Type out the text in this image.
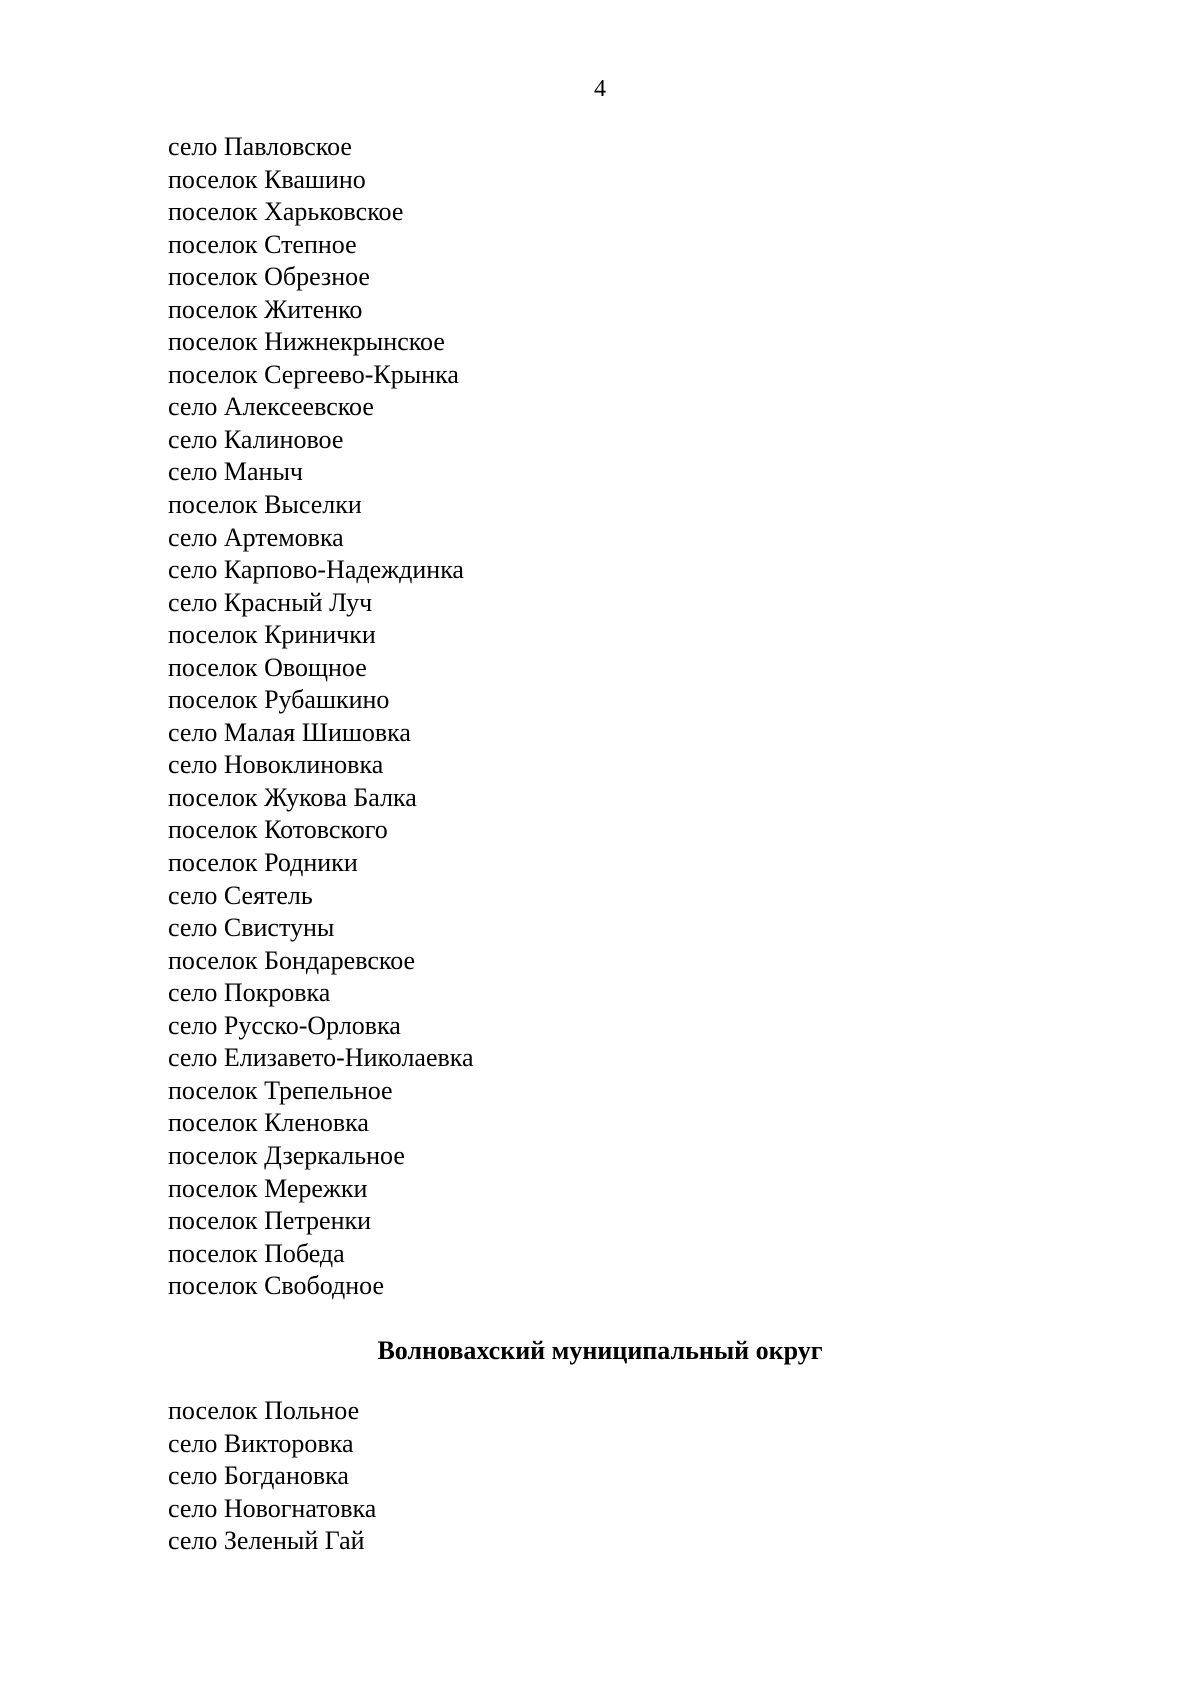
4
село Павловское
поселок Квашино
поселок Харьковское
поселок Степное
поселок Обрезное
поселок Житенко
поселок Нижнекрынское
поселок Сергеево-Крынка
село Алексеевское
село Калиновое
село Маныч
поселок Выселки
село Артемовка
село Карпово-Надеждинка
село Красный Луч
поселок Кринички
поселок Овощное
поселок Рубашкино
село Малая Шишовка
село Новоклиновка
поселок Жукова Балка
поселок Котовского
поселок Родники
село Сеятель
село Свистуны
поселок Бондаревское
село Покровка
село Русско-Орловка
село Елизавето-Николаевка
поселок Трепельное
поселок Кленовка
поселок Дзеркальное
поселок Мережки
поселок Петренки
поселок Победа
поселок Свободное
Волновахский муниципальный округ
поселок Польное
село Викторовка
село Богдановка
село Новогнатовка
село Зеленый Гай
